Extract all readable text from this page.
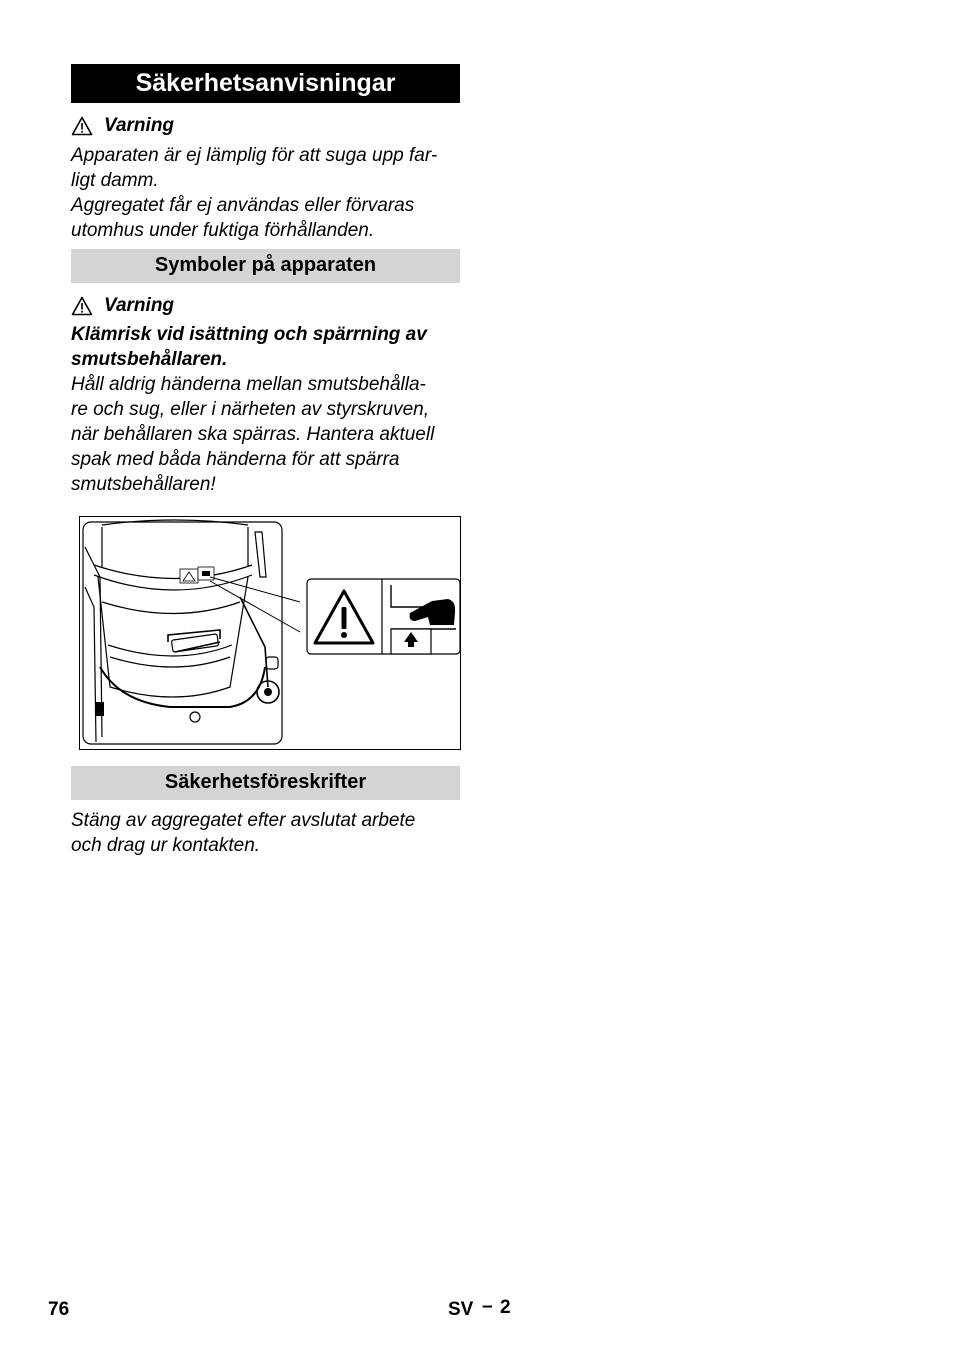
Säkerhetsanvisningar
Varning

Apparaten är ej lämplig för att suga upp far-
ligt damm.
Aggregatet får ej användas eller förvaras
utomhus under fuktiga förhållanden.

Symboler på apparaten
Varning

Klämrisk vid isättning och spärrning av
smutsbehållaren.
Håll aldrig händerna mellan smutsbehålla-
re och sug, eller i närheten av styrskruven,
när behållaren ska spärras. Hantera aktuell
spak med båda händerna för att spärra
smutsbehållaren!

Säkerhetsföreskrifter

Stäng av aggregatet efter avslutat arbete
och drag ur kontakten.

76	SV – 2
